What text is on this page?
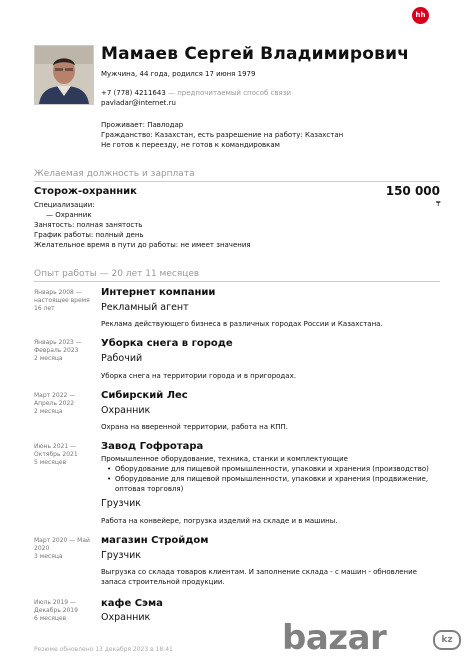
hh
Мамаев Сергей Владимирович
Мужчина, 44 года, родился 17 июня 1979
+7 (778) 4211643 — предпочитаемый способ связи
pavladar@internet.ru
Проживает: Павлодар
Гражданство: Казахстан, есть разрешение на работу: Казахстан
Не готов к переезду, не готов к командировкам
Желаемая должность и зарплата
Сторож-охранник	150 000
₸
Специализации:
— Охранник
Занятость: полная занятость
График работы: полный день
Желательное время в пути до работы: не имеет значения
Опыт работы — 20 лет 11 месяцев
Январь 2008 — настоящее время
16 лет
Интернет компании
Рекламный агент
Реклама действующего бизнеса в различных городах России и Казахстана.
Январь 2023 — Февраль 2023
2 месяца
Уборка снега в городе
Рабочий
Уборка снега на территории города и в пригородах.
Март 2022 — Апрель 2022
2 месяца
Сибирский Лес
Охранник
Охрана на вверенной территории, работа на КПП.
Июнь 2021 — Октябрь 2021
5 месяцев
Завод Гофротара
Промышленное оборудование, техника, станки и комплектующие
• Оборудование для пищевой промышленности, упаковки и хранения (производство)
• Оборудование для пищевой промышленности, упаковки и хранения (продвижение, оптовая торговля)
Грузчик
Работа на конвейере, погрузка изделий на складе и в машины.
Март 2020 — Май 2020
3 месяца
магазин Стройдом
Грузчик
Выгрузка со склада товаров клиентам. И заполнение склада - с машин - обновление запаса строительной продукции.
Июль 2019 — Декабрь 2019
6 месяцев
кафе Сэма
Охранник
Резюме обновлено 13 декабря 2023 в 18:41	bazar	kz
